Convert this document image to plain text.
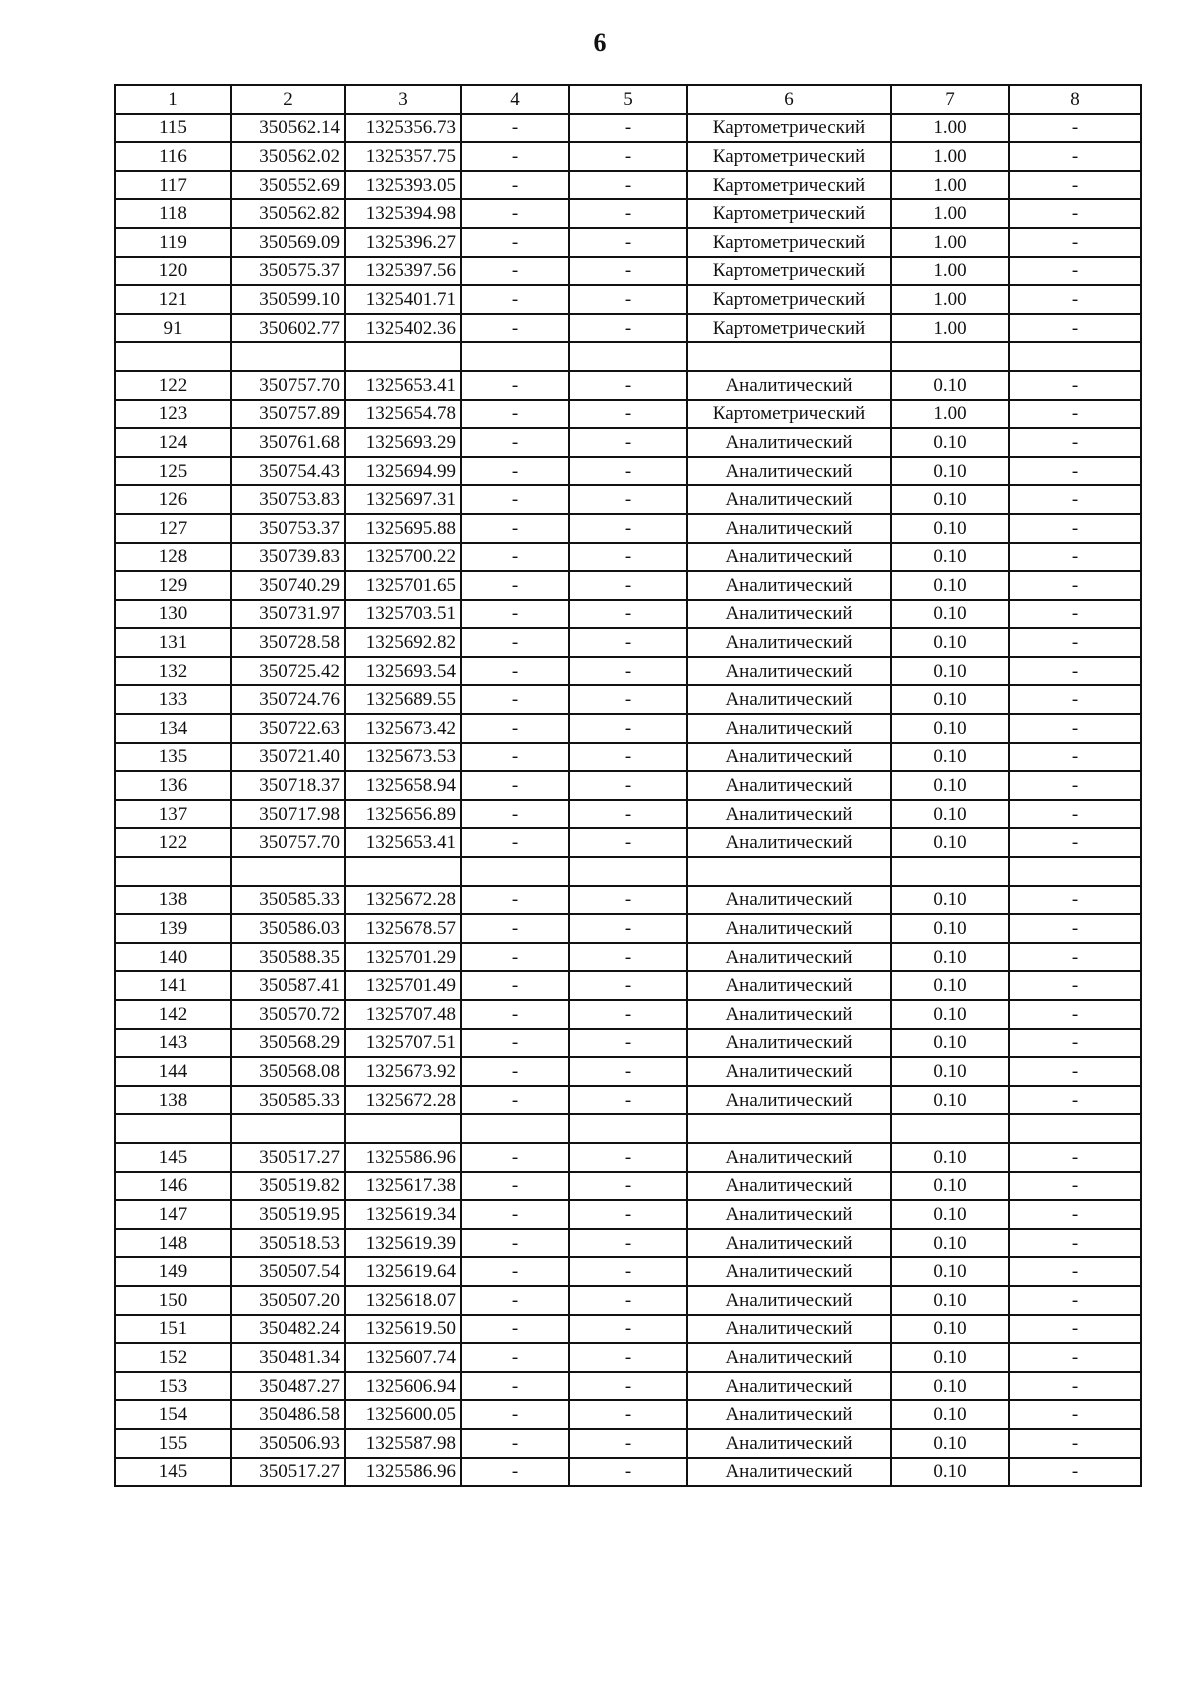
6
1	2	3	4	5	6	7	8
115	350562.14	1325356.73	-	-	Картометрический	1.00	-
116	350562.02	1325357.75	-	-	Картометрический	1.00	-
117	350552.69	1325393.05	-	-	Картометрический	1.00	-
118	350562.82	1325394.98	-	-	Картометрический	1.00	-
119	350569.09	1325396.27	-	-	Картометрический	1.00	-
120	350575.37	1325397.56	-	-	Картометрический	1.00	-
121	350599.10	1325401.71	-	-	Картометрический	1.00	-
91	350602.77	1325402.36	-	-	Картометрический	1.00	-

122	350757.70	1325653.41	-	-	Аналитический	0.10	-
123	350757.89	1325654.78	-	-	Картометрический	1.00	-
124	350761.68	1325693.29	-	-	Аналитический	0.10	-
125	350754.43	1325694.99	-	-	Аналитический	0.10	-
126	350753.83	1325697.31	-	-	Аналитический	0.10	-
127	350753.37	1325695.88	-	-	Аналитический	0.10	-
128	350739.83	1325700.22	-	-	Аналитический	0.10	-
129	350740.29	1325701.65	-	-	Аналитический	0.10	-
130	350731.97	1325703.51	-	-	Аналитический	0.10	-
131	350728.58	1325692.82	-	-	Аналитический	0.10	-
132	350725.42	1325693.54	-	-	Аналитический	0.10	-
133	350724.76	1325689.55	-	-	Аналитический	0.10	-
134	350722.63	1325673.42	-	-	Аналитический	0.10	-
135	350721.40	1325673.53	-	-	Аналитический	0.10	-
136	350718.37	1325658.94	-	-	Аналитический	0.10	-
137	350717.98	1325656.89	-	-	Аналитический	0.10	-
122	350757.70	1325653.41	-	-	Аналитический	0.10	-

138	350585.33	1325672.28	-	-	Аналитический	0.10	-
139	350586.03	1325678.57	-	-	Аналитический	0.10	-
140	350588.35	1325701.29	-	-	Аналитический	0.10	-
141	350587.41	1325701.49	-	-	Аналитический	0.10	-
142	350570.72	1325707.48	-	-	Аналитический	0.10	-
143	350568.29	1325707.51	-	-	Аналитический	0.10	-
144	350568.08	1325673.92	-	-	Аналитический	0.10	-
138	350585.33	1325672.28	-	-	Аналитический	0.10	-

145	350517.27	1325586.96	-	-	Аналитический	0.10	-
146	350519.82	1325617.38	-	-	Аналитический	0.10	-
147	350519.95	1325619.34	-	-	Аналитический	0.10	-
148	350518.53	1325619.39	-	-	Аналитический	0.10	-
149	350507.54	1325619.64	-	-	Аналитический	0.10	-
150	350507.20	1325618.07	-	-	Аналитический	0.10	-
151	350482.24	1325619.50	-	-	Аналитический	0.10	-
152	350481.34	1325607.74	-	-	Аналитический	0.10	-
153	350487.27	1325606.94	-	-	Аналитический	0.10	-
154	350486.58	1325600.05	-	-	Аналитический	0.10	-
155	350506.93	1325587.98	-	-	Аналитический	0.10	-
145	350517.27	1325586.96	-	-	Аналитический	0.10	-
